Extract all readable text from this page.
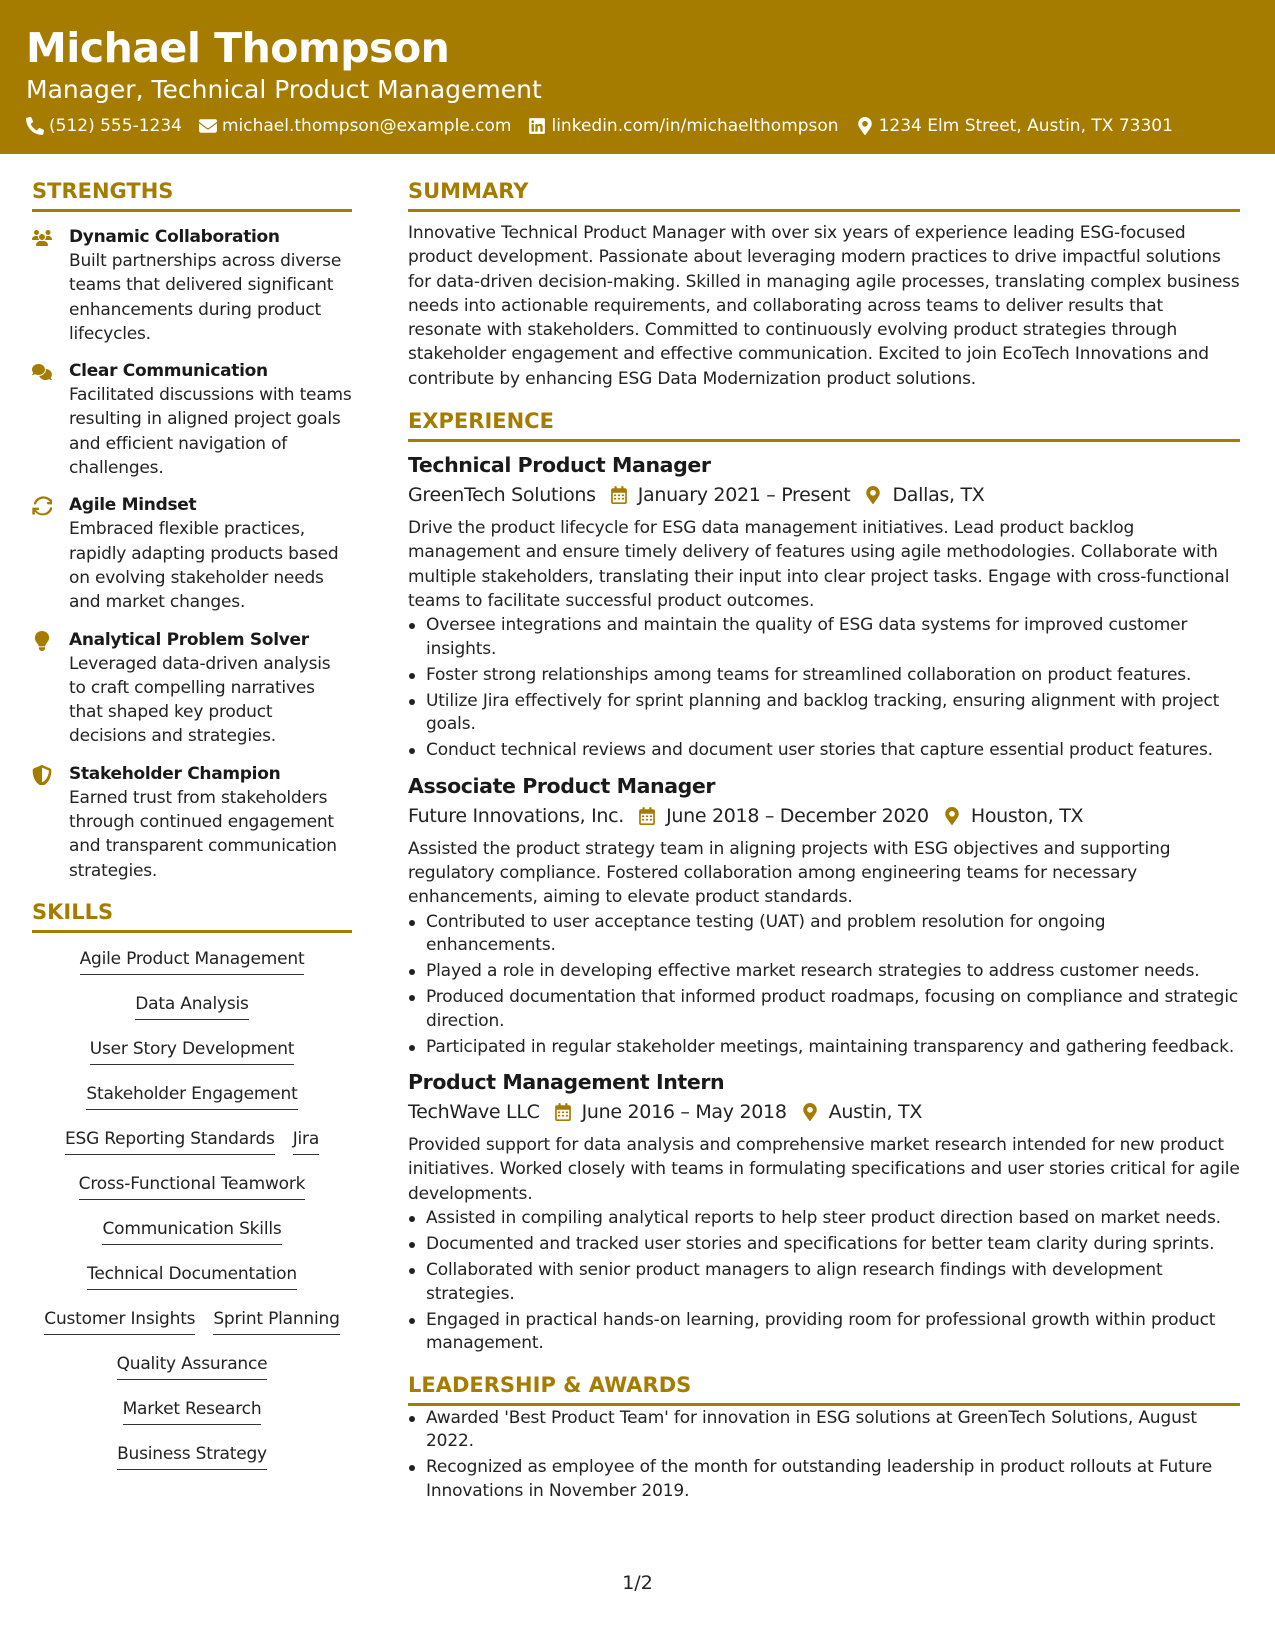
Michael Thompson
Manager, Technical Product Management
(512) 555-1234 michael.thompson@example.com linkedin.com/in/michaelthompson 1234 Elm Street, Austin, TX 73301
STRENGTHS
Dynamic Collaboration
Built partnerships across diverse teams that delivered significant enhancements during product lifecycles.
Clear Communication
Facilitated discussions with teams resulting in aligned project goals and efficient navigation of challenges.
Agile Mindset
Embraced flexible practices, rapidly adapting products based on evolving stakeholder needs and market changes.
Analytical Problem Solver
Leveraged data-driven analysis to craft compelling narratives that shaped key product decisions and strategies.
Stakeholder Champion
Earned trust from stakeholders through continued engagement and transparent communication strategies.
SKILLS
Agile Product Management
Data Analysis
User Story Development
Stakeholder Engagement
ESG Reporting Standards Jira
Cross-Functional Teamwork
Communication Skills
Technical Documentation
Customer Insights Sprint Planning
Quality Assurance
Market Research
Business Strategy
SUMMARY
Innovative Technical Product Manager with over six years of experience leading ESG-focused product development. Passionate about leveraging modern practices to drive impactful solutions for data-driven decision-making. Skilled in managing agile processes, translating complex business needs into actionable requirements, and collaborating across teams to deliver results that resonate with stakeholders. Committed to continuously evolving product strategies through stakeholder engagement and effective communication. Excited to join EcoTech Innovations and contribute by enhancing ESG Data Modernization product solutions.
EXPERIENCE
Technical Product Manager
GreenTech Solutions January 2021 – Present Dallas, TX
Drive the product lifecycle for ESG data management initiatives. Lead product backlog management and ensure timely delivery of features using agile methodologies. Collaborate with multiple stakeholders, translating their input into clear project tasks. Engage with cross-functional teams to facilitate successful product outcomes.
Oversee integrations and maintain the quality of ESG data systems for improved customer insights.
Foster strong relationships among teams for streamlined collaboration on product features.
Utilize Jira effectively for sprint planning and backlog tracking, ensuring alignment with project goals.
Conduct technical reviews and document user stories that capture essential product features.
Associate Product Manager
Future Innovations, Inc. June 2018 – December 2020 Houston, TX
Assisted the product strategy team in aligning projects with ESG objectives and supporting regulatory compliance. Fostered collaboration among engineering teams for necessary enhancements, aiming to elevate product standards.
Contributed to user acceptance testing (UAT) and problem resolution for ongoing enhancements.
Played a role in developing effective market research strategies to address customer needs.
Produced documentation that informed product roadmaps, focusing on compliance and strategic direction.
Participated in regular stakeholder meetings, maintaining transparency and gathering feedback.
Product Management Intern
TechWave LLC June 2016 – May 2018 Austin, TX
Provided support for data analysis and comprehensive market research intended for new product initiatives. Worked closely with teams in formulating specifications and user stories critical for agile developments.
Assisted in compiling analytical reports to help steer product direction based on market needs.
Documented and tracked user stories and specifications for better team clarity during sprints.
Collaborated with senior product managers to align research findings with development strategies.
Engaged in practical hands-on learning, providing room for professional growth within product management.
LEADERSHIP & AWARDS
Awarded 'Best Product Team' for innovation in ESG solutions at GreenTech Solutions, August 2022.
Recognized as employee of the month for outstanding leadership in product rollouts at Future Innovations in November 2019.
1/2
